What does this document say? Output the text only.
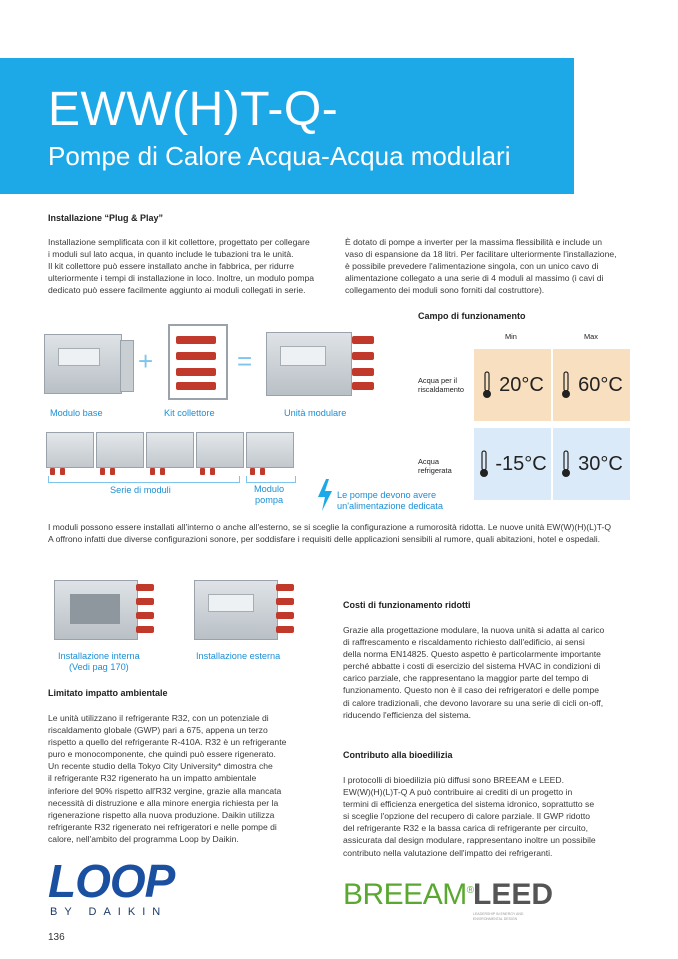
EWW(H)T-Q-
Pompe di Calore Acqua-Acqua modulari
Installazione “Plug & Play”
Installazione semplificata con il kit collettore, progettato per collegare
i moduli sul lato acqua, in quanto include le tubazioni tra le unità.
Il kit collettore può essere installato anche in fabbrica, per ridurre
ulteriormente i tempi di installazione in loco. Inoltre, un modulo pompa
dedicato può essere facilmente aggiunto ai moduli collegati in serie.
È dotato di pompe a inverter per la massima flessibilità e include un
vaso di espansione da 18 litri. Per facilitare ulteriormente l'installazione,
è possibile prevedere l'alimentazione singola, con un unico cavo di
alimentazione collegato a una serie di 4 moduli al massimo (i cavi di
collegamento dei moduli sono forniti dal costruttore).
+	=
Modulo base	Kit collettore	Unità modulare
Serie di moduli	Modulo
pompa	Le pompe devono avere
un'alimentazione dedicata
Campo di funzionamento
Min	Max
Acqua per il
riscaldamento 20°C 60°C
Acqua
refrigerata -15°C 30°C
I moduli possono essere installati all'interno o anche all'esterno, se si sceglie la configurazione a rumorosità ridotta. Le nuove unità EW(W)(H)(L)T-Q
A offrono infatti due diverse configurazioni sonore, per soddisfare i requisiti delle applicazioni sensibili al rumore, quali abitazioni, hotel e ospedali.
Installazione interna
(Vedi pag 170)
Installazione esterna
Limitato impatto ambientale
Le unità utilizzano il refrigerante R32, con un potenziale di
riscaldamento globale (GWP) pari a 675, appena un terzo
rispetto a quello del refrigerante R-410A. R32 è un refrigerante
puro e monocomponente, che quindi può essere rigenerato.
Un recente studio della Tokyo City University* dimostra che
il refrigerante R32 rigenerato ha un impatto ambientale
inferiore del 90% rispetto all'R32 vergine, grazie alla mancata
necessità di distruzione e alla minore energia richiesta per la
rigenerazione rispetto alla nuova produzione. Daikin utilizza
refrigerante R32 rigenerato nei refrigeratori e nelle pompe di
calore, nell'ambito del programma Loop by Daikin.
Costi di funzionamento ridotti
Grazie alla progettazione modulare, la nuova unità si adatta al carico
di raffrescamento e riscaldamento richiesto dall'edificio, ai sensi
della norma EN14825. Questo aspetto è particolarmente importante
perché abbatte i costi di esercizio del sistema HVAC in condizioni di
carico parziale, che rappresentano la maggior parte del tempo di
funzionamento. Questo non è il caso dei refrigeratori e delle pompe
di calore tradizionali, che devono lavorare su una serie di cicli on-off,
riducendo l'efficienza del sistema.
Contributo alla bioedilizia
I protocolli di bioedilizia più diffusi sono BREEAM e LEED.
EW(W)(H)(L)T-Q A può contribuire ai crediti di un progetto in
termini di efficienza energetica del sistema idronico, soprattutto se
si sceglie l'opzione del recupero di calore parziale. Il GWP ridotto
del refrigerante R32 e la bassa carica di refrigerante per circuito,
assicurata dal design modulare, rappresentano inoltre un possibile
contributo nella valutazione dell'impatto dei refrigeranti.
LOOP
BY DAIKIN
BREEAM® LEED
LEADERSHIP IN ENERGY AND
ENVIRONMENTAL DESIGN
136
